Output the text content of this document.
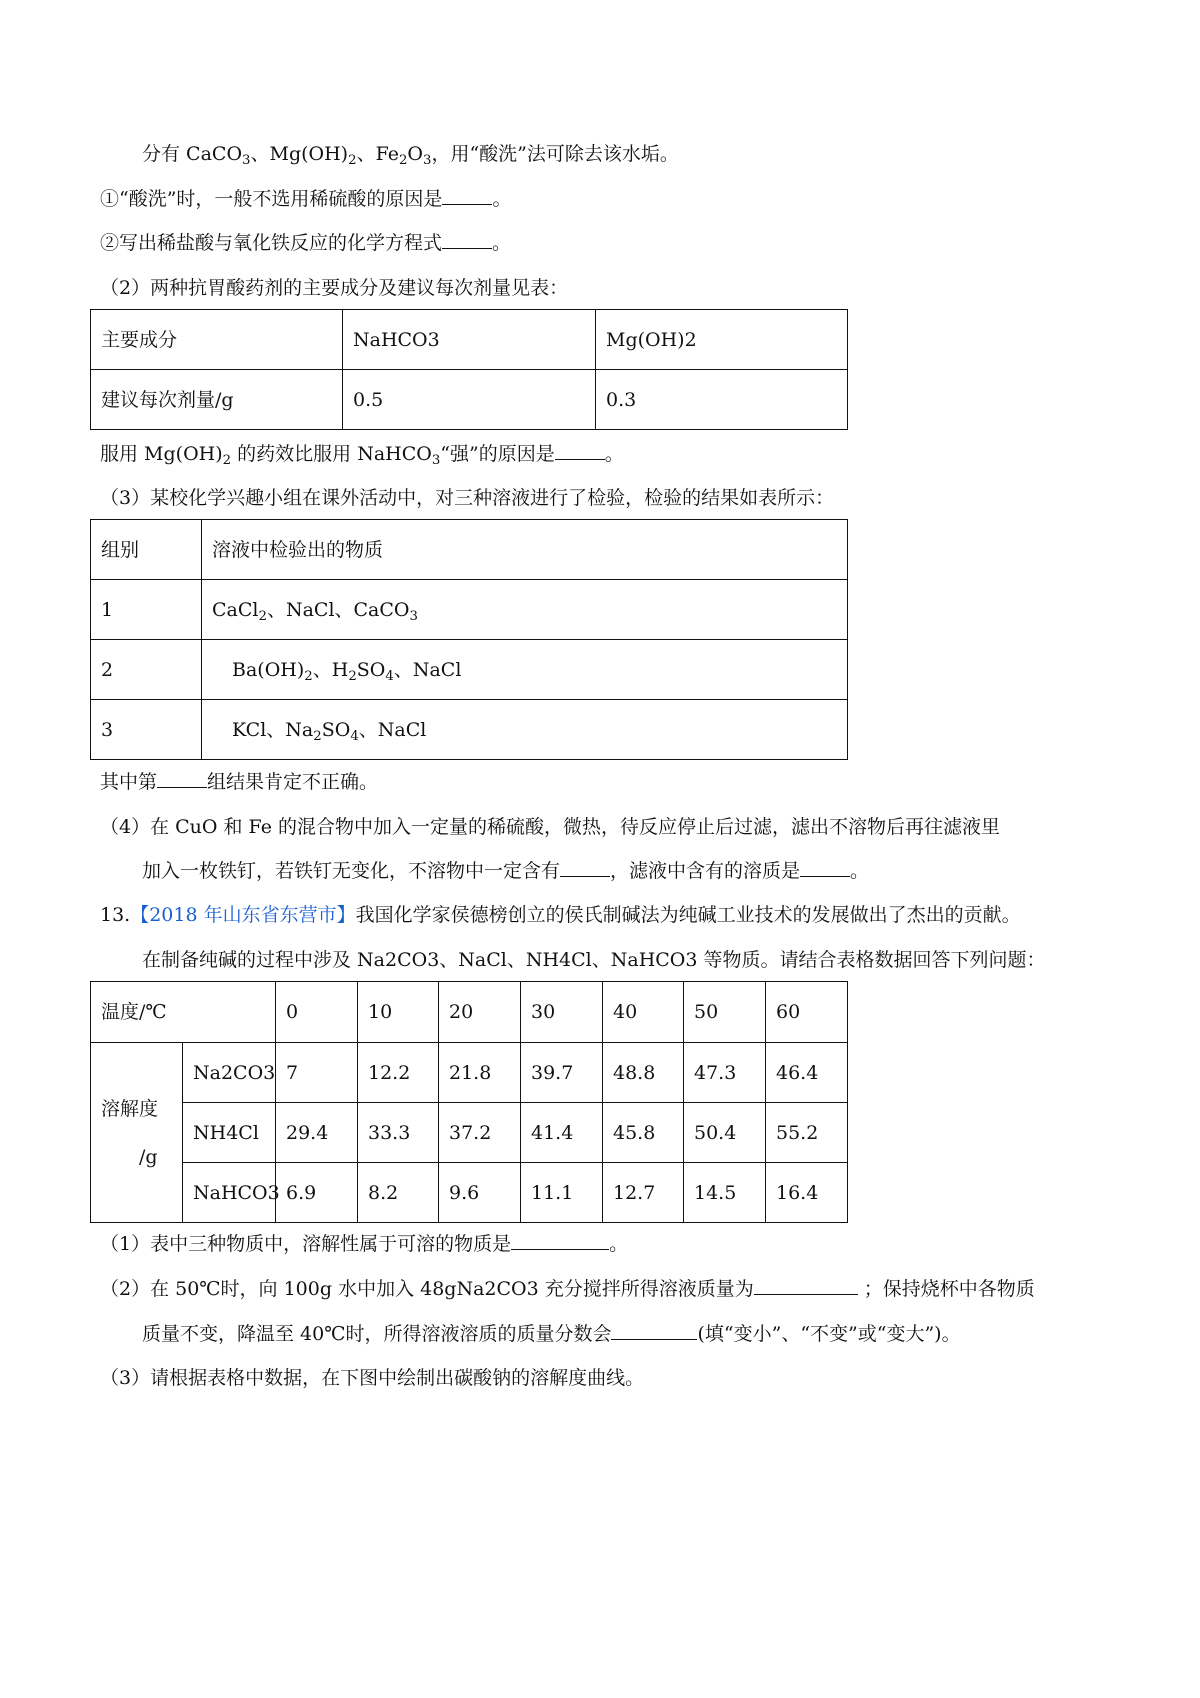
分有 CaCO$_3$、$Mg(OH)_2$、$Fe_2O_3$，用“酸洗”法可除去该水垢。
①“酸洗”时，一般不选用稀硫酸的原因是	。
②写出稀盐酸与氧化铁反应的化学方程式	。
（2）两种抗胃酸药剂的主要成分及建议每次剂量见表：
主要成分	NaHCO3	Mg(OH)2
建议每次剂量/g	0.5	0.3
服用 $Mg(OH)_2$ 的药效比服用 NaHCO$_3$“强”的原因是	。
（3）某校化学兴趣小组在课外活动中，对三种溶液进行了检验，检验的结果如表所示：
组别	溶液中检验出的物质
1	CaCl$_2$、NaCl、CaCO$_3$
2	$Ba(OH)_2$、$H_2SO_4$、NaCl
3	KCl、$Na_2SO_4$、NaCl
其中第	组结果肯定不正确。
（4）在 CuO 和 Fe 的混合物中加入一定量的稀硫酸，微热，待反应停止后过滤，滤出不溶物后再往滤液里
加入一枚铁钉，若铁钉无变化，不溶物中一定含有	，滤液中含有的溶质是	。
13.【2018 年山东省东营市】我国化学家侯德榜创立的侯氏制碱法为纯碱工业技术的发展做出了杰出的贡献。
在制备纯碱的过程中涉及 Na2CO3、NaCl、NH4Cl、NaHCO3 等物质。请结合表格数据回答下列问题：
温度/℃		0	10	20	30	40	50	60

溶解度
/g	Na2CO3	7	12.2	21.8	39.7	48.8	47.3	46.4
	NH4Cl	29.4	33.3	37.2	41.4	45.8	50.4	55.2
	NaHCO3	6.9	8.2	9.6	11.1	12.7	14.5	16.4
（1）表中三种物质中，溶解性属于可溶的物质是	。
（2）在 50℃时，向 100g 水中加入 48gNa2CO3 充分搅拌所得溶液质量为	；保持烧杯中各物质
质量不变，降温至 40℃时，所得溶液溶质的质量分数会	(填“变小”、“不变”或“变大”)。
（3）请根据表格中数据，在下图中绘制出碳酸钠的溶解度曲线。
